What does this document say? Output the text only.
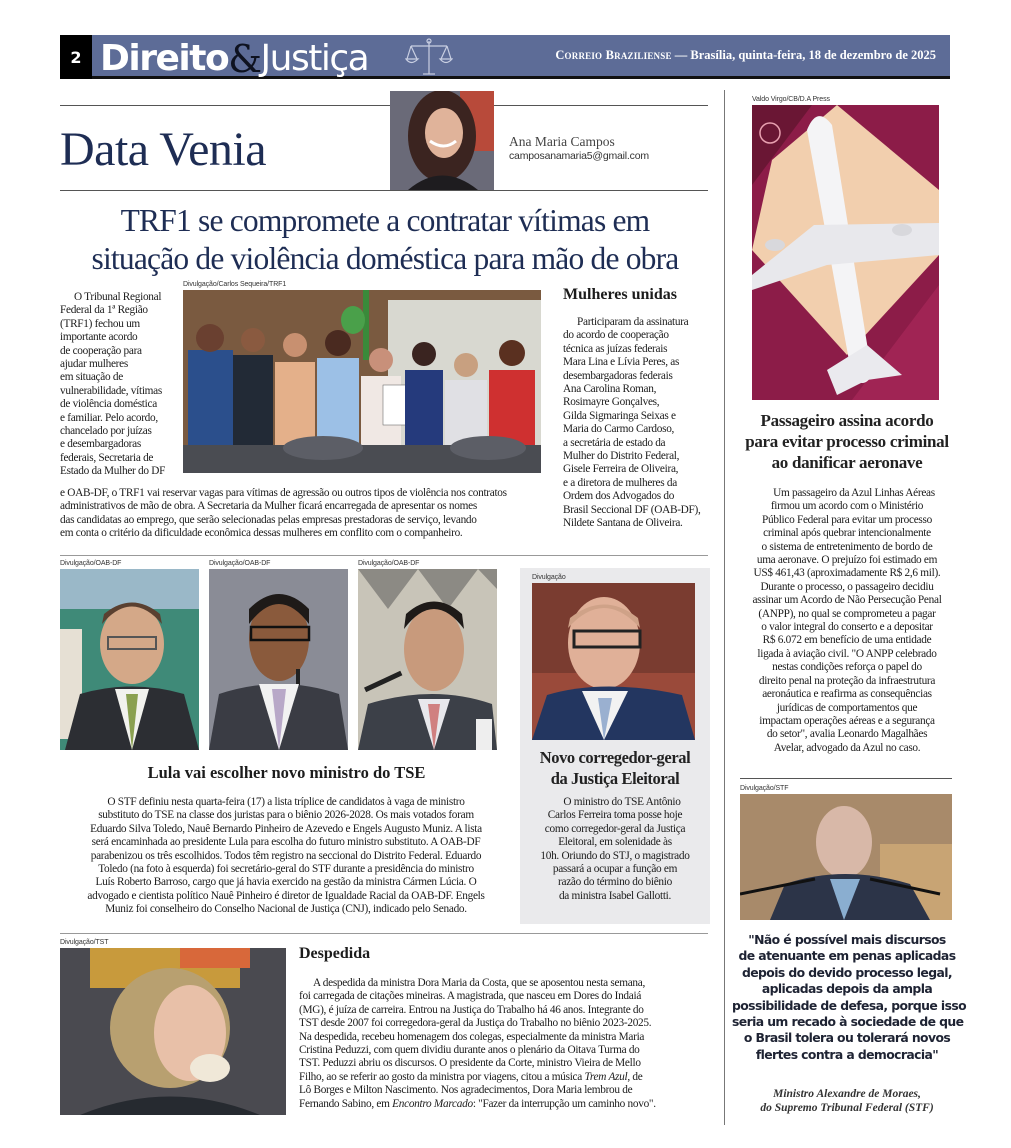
2 Direito & Justiça	Correio Braziliense — Brasília, quinta-feira, 18 de dezembro de 2025
Data Venia	Ana Maria Campos
camposanamaria5@gmail.com
TRF1 se compromete a contratar vítimas em
situação de violência doméstica para mão de obra
Divulgação/Carlos Sequeira/TRF1
O Tribunal Regional
Federal da 1ª Região
(TRF1) fechou um
importante acordo
de cooperação para
ajudar mulheres
em situação de
vulnerabilidade, vítimas
de violência doméstica
e familiar. Pelo acordo,
chancelado por juízas
e desembargadoras
federais, Secretaria de
Estado da Mulher do DF
e OAB-DF, o TRF1 vai reservar vagas para vítimas de agressão ou outros tipos de violência nos contratos
administrativos de mão de obra. A Secretaria da Mulher ficará encarregada de apresentar os nomes
das candidatas ao emprego, que serão selecionadas pelas empresas prestadoras de serviço, levando
em conta o critério da dificuldade econômica dessas mulheres em conflito com o companheiro.
Mulheres unidas
Participaram da assinatura
do acordo de cooperação
técnica as juízas federais
Mara Lina e Lívia Peres, as
desembargadoras federais
Ana Carolina Roman,
Rosimayre Gonçalves,
Gilda Sigmaringa Seixas e
Maria do Carmo Cardoso,
a secretária de estado da
Mulher do Distrito Federal,
Gisele Ferreira de Oliveira,
e a diretora de mulheres da
Ordem dos Advogados do
Brasil Seccional DF (OAB-DF),
Nildete Santana de Oliveira.
Divulgação/OAB-DF	Divulgação/OAB-DF	Divulgação/OAB-DF
Lula vai escolher novo ministro do TSE
O STF definiu nesta quarta-feira (17) a lista tríplice de candidatos à vaga de ministro
substituto do TSE na classe dos juristas para o biênio 2026-2028. Os mais votados foram
Eduardo Silva Toledo, Nauê Bernardo Pinheiro de Azevedo e Engels Augusto Muniz. A lista
será encaminhada ao presidente Lula para escolha do futuro ministro substituto. A OAB-DF
parabenizou os três escolhidos. Todos têm registro na seccional do Distrito Federal. Eduardo
Toledo (na foto à esquerda) foi secretário-geral do STF durante a presidência do ministro
Luís Roberto Barroso, cargo que já havia exercido na gestão da ministra Cármen Lúcia. O
advogado e cientista político Nauê Pinheiro é diretor de Igualdade Racial da OAB-DF. Engels
Muniz foi conselheiro do Conselho Nacional de Justiça (CNJ), indicado pelo Senado.
Divulgação
Novo corregedor-geral
da Justiça Eleitoral
O ministro do TSE Antônio
Carlos Ferreira toma posse hoje
como corregedor-geral da Justiça
Eleitoral, em solenidade às
10h. Oriundo do STJ, o magistrado
passará a ocupar a função em
razão do término do biênio
da ministra Isabel Gallotti.
Divulgação/TST
Despedida
A despedida da ministra Dora Maria da Costa, que se aposentou nesta semana,
foi carregada de citações mineiras. A magistrada, que nasceu em Dores do Indaiá
(MG), é juíza de carreira. Entrou na Justiça do Trabalho há 46 anos. Integrante do
TST desde 2007 foi corregedora-geral da Justiça do Trabalho no biênio 2023-2025.
Na despedida, recebeu homenagem dos colegas, especialmente da ministra Maria
Cristina Peduzzi, com quem dividiu durante anos o plenário da Oitava Turma do
TST. Peduzzi abriu os discursos. O presidente da Corte, ministro Vieira de Mello
Filho, ao se referir ao gosto da ministra por viagens, citou a música Trem Azul, de
Lô Borges e Milton Nascimento. Nos agradecimentos, Dora Maria lembrou de
Fernando Sabino, em Encontro Marcado: "Fazer da interrupção um caminho novo".
Valdo Virgo/CB/D.A Press
Passageiro assina acordo
para evitar processo criminal
ao danificar aeronave
Um passageiro da Azul Linhas Aéreas
firmou um acordo com o Ministério
Público Federal para evitar um processo
criminal após quebrar intencionalmente
o sistema de entretenimento de bordo de
uma aeronave. O prejuízo foi estimado em
US$ 461,43 (aproximadamente R$ 2,6 mil).
Durante o processo, o passageiro decidiu
assinar um Acordo de Não Persecução Penal
(ANPP), no qual se comprometeu a pagar
o valor integral do conserto e a depositar
R$ 6.072 em benefício de uma entidade
ligada à aviação civil. "O ANPP celebrado
nestas condições reforça o papel do
direito penal na proteção da infraestrutura
aeronáutica e reafirma as consequências
jurídicas de comportamentos que
impactam operações aéreas e a segurança
do setor", avalia Leonardo Magalhães
Avelar, advogado da Azul no caso.
Divulgação/STF
"Não é possível mais discursos
de atenuante em penas aplicadas
depois do devido processo legal,
aplicadas depois da ampla
possibilidade de defesa, porque isso
seria um recado à sociedade de que
o Brasil tolera ou tolerará novos
flertes contra a democracia"
Ministro Alexandre de Moraes,
do Supremo Tribunal Federal (STF)
